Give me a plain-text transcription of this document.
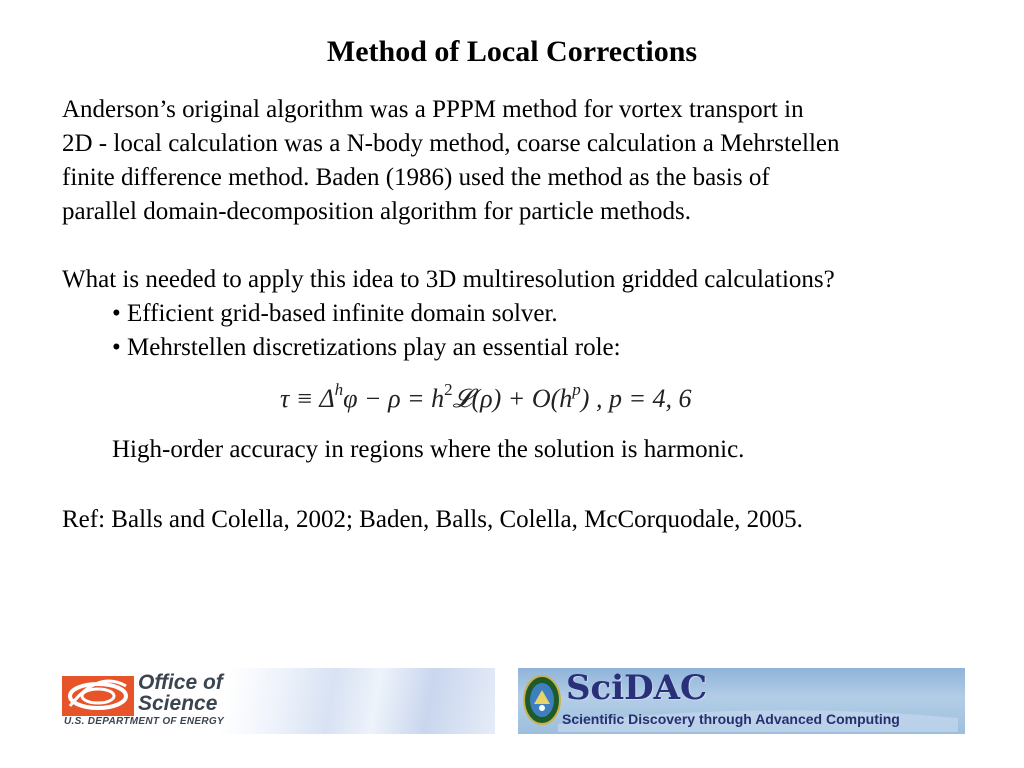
Method of Local Corrections
Anderson’s original algorithm was a PPPM method for vortex transport in
2D - local calculation was a N-body method, coarse calculation a Mehrstellen
finite difference method. Baden (1986) used the method as the basis of
parallel domain-decomposition algorithm for particle methods.
What is needed to apply this idea to 3D multiresolution gridded calculations?
• Efficient grid-based infinite domain solver.
• Mehrstellen discretizations play an essential role:
$\tau \equiv \Delta^h\varphi - \rho$ = $h^2𝓛(\rho) + O(h^p)$ , p = 4, 6
High-order accuracy in regions where the solution is harmonic.
Ref: Balls and Colella, 2002; Baden, Balls, Colella, McCorquodale, 2005.
Office of
Science
U.S. DEPARTMENT OF ENERGY
SciDAC
Scientific Discovery through Advanced Computing
